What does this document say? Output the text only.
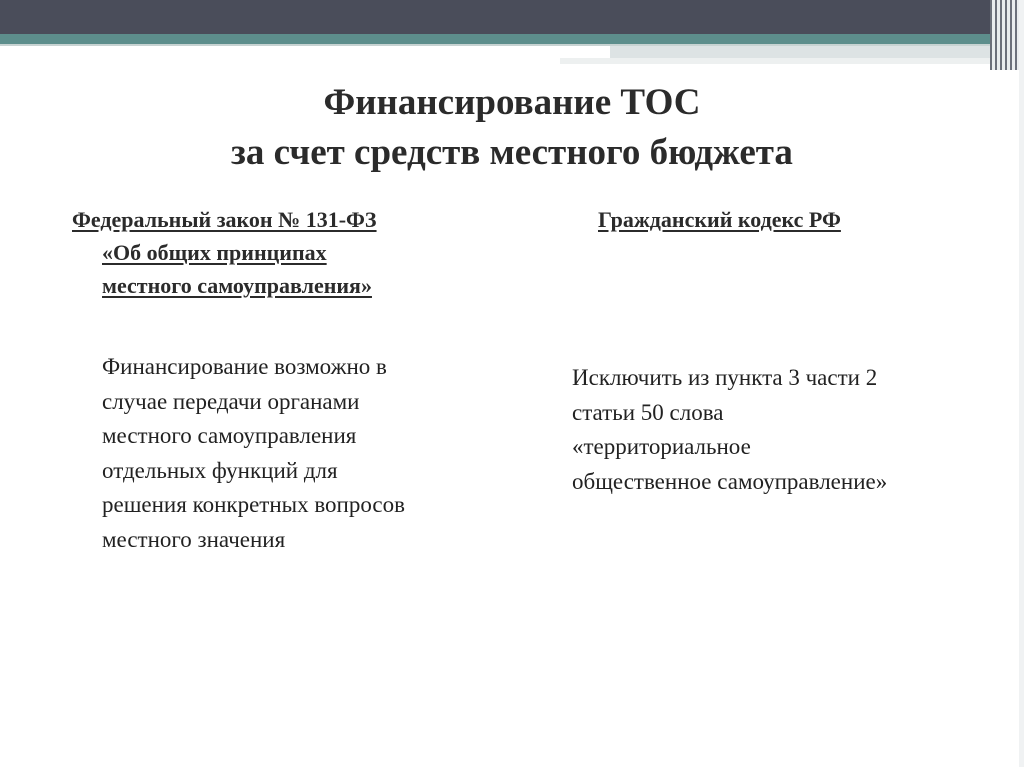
Финансирование ТОС
за счет средств местного бюджета
Федеральный закон № 131-ФЗ
«Об общих принципах
местного самоуправления»
Гражданский кодекс РФ
Финансирование возможно в
случае передачи органами
местного самоуправления
отдельных функций для
решения конкретных вопросов
местного значения
Исключить из пункта 3 части 2
статьи 50 слова
«территориальное
общественное самоуправление»
